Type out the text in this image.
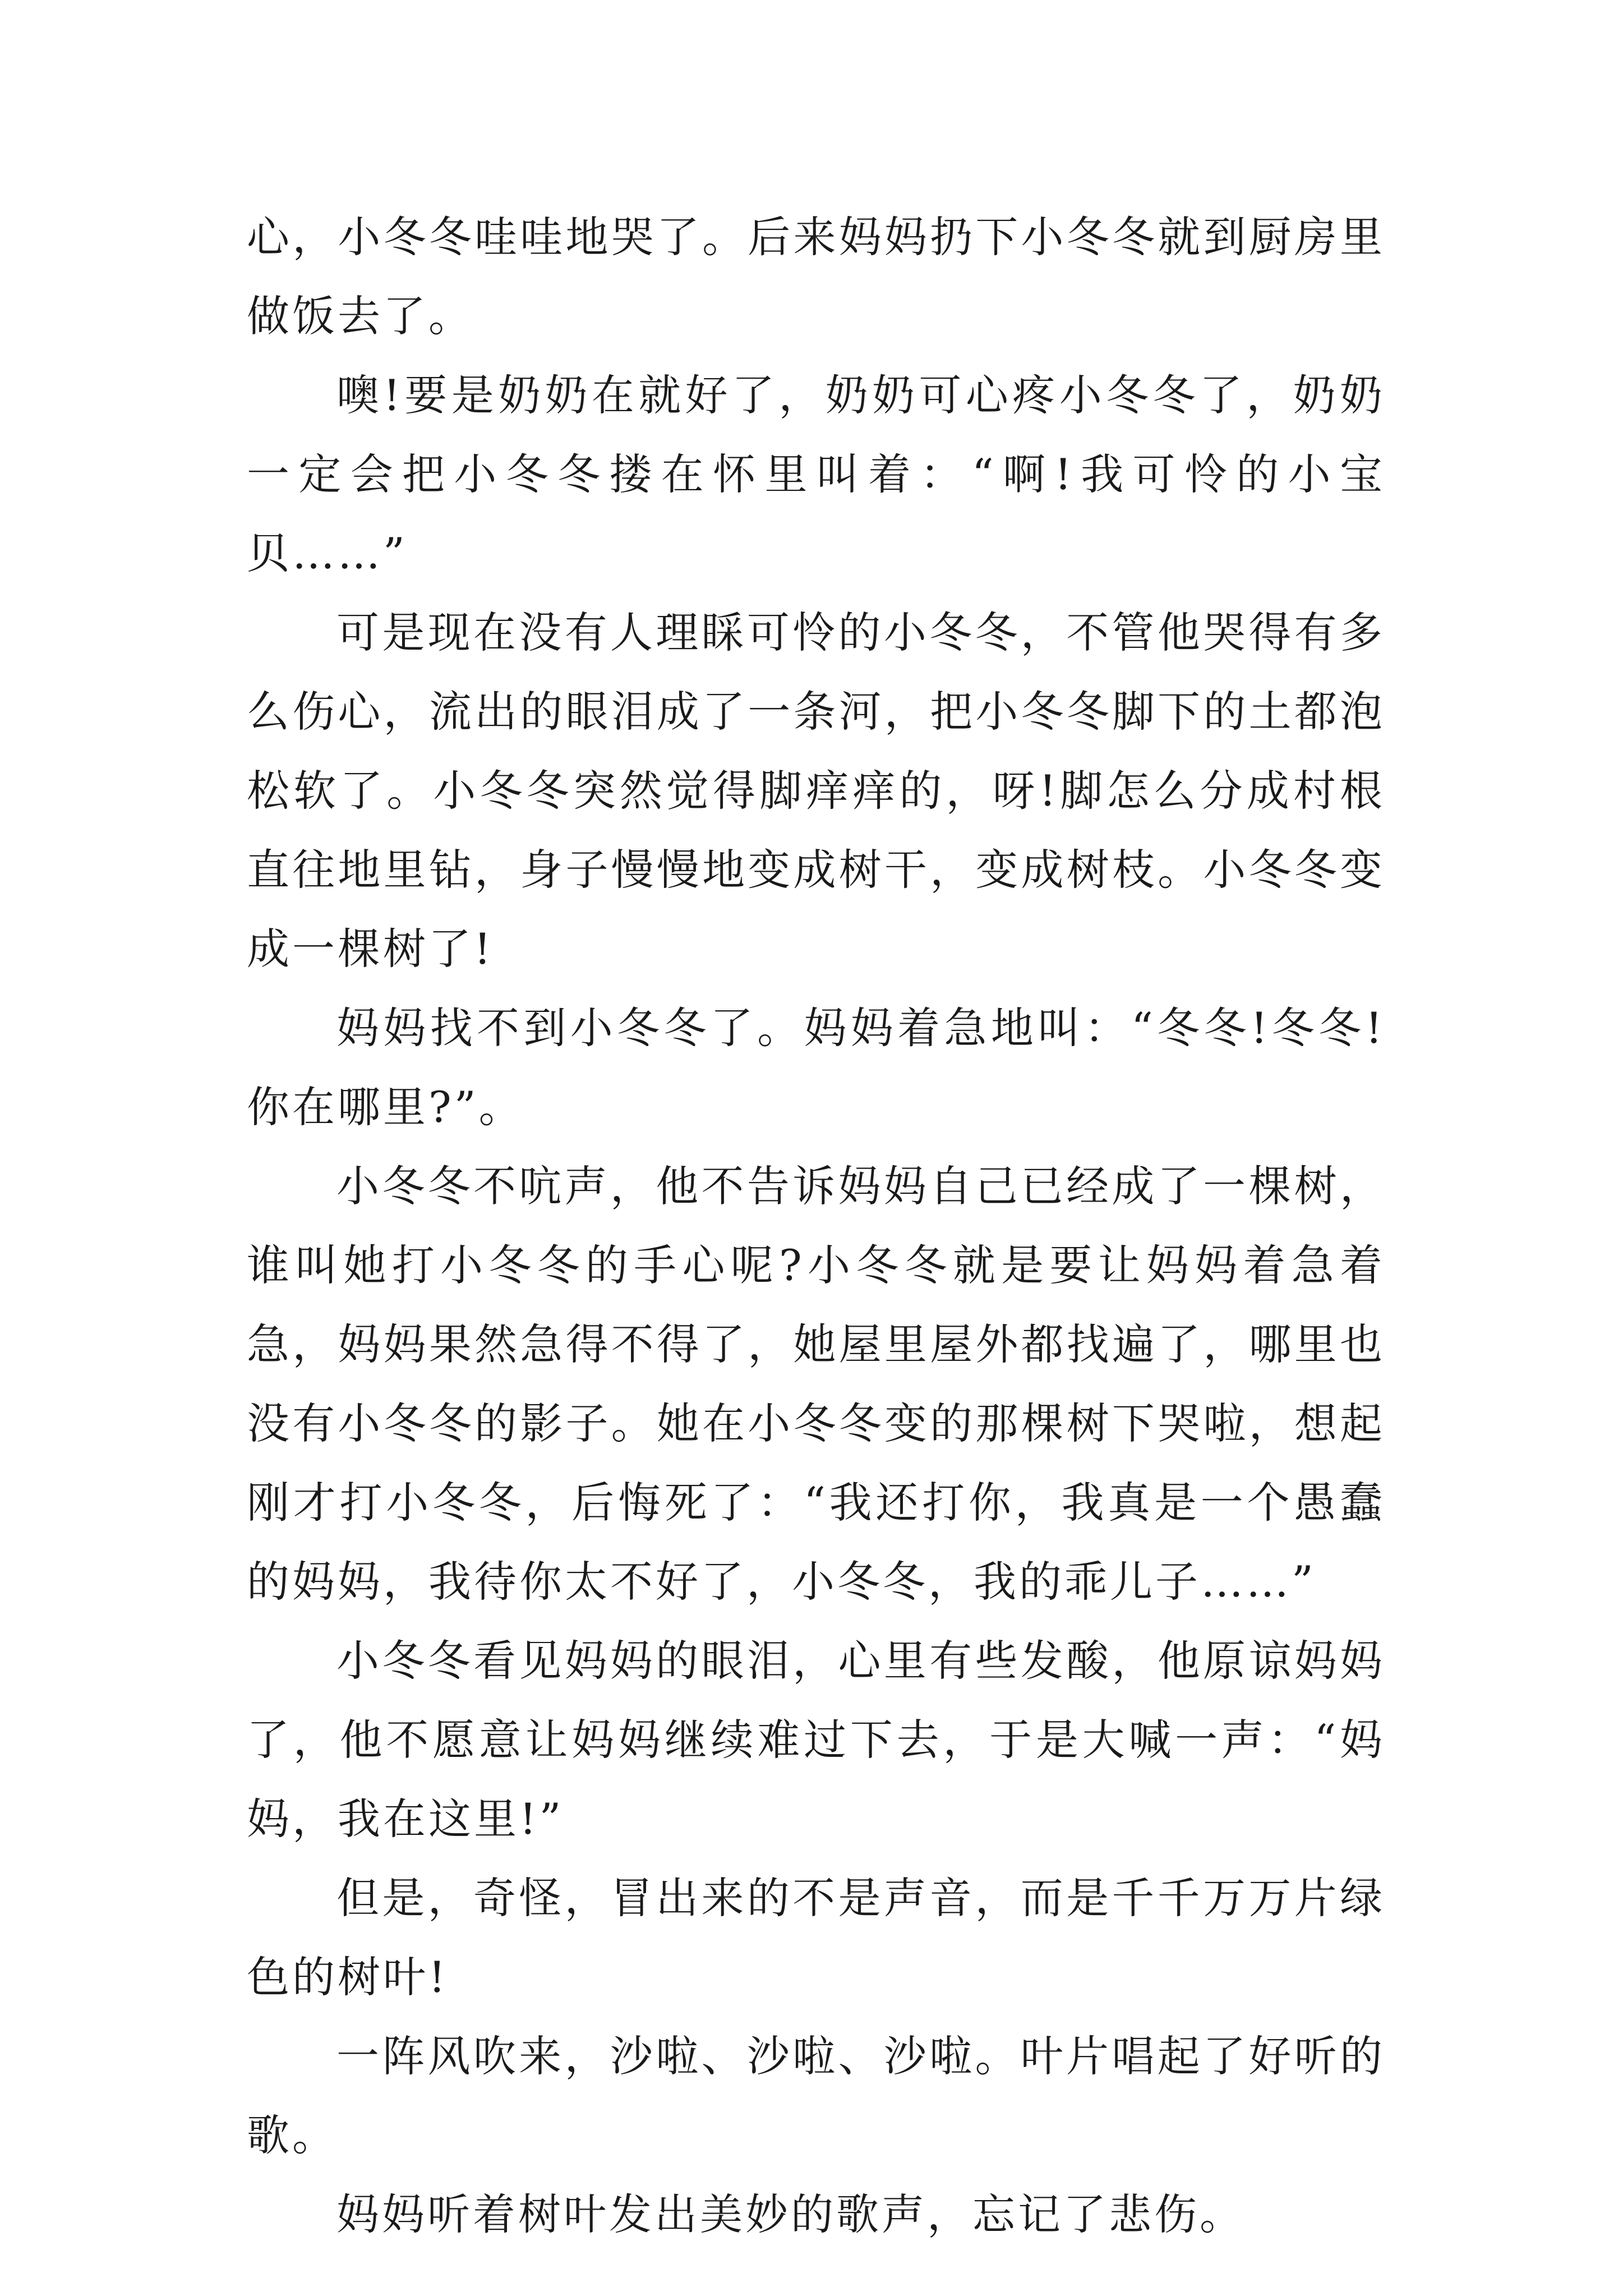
心，小冬冬哇哇地哭了。后来妈妈扔下小冬冬就到厨房里做饭去了。

噢!要是奶奶在就好了，奶奶可心疼小冬冬了，奶奶一定会把小冬冬搂在怀里叫着：“啊!我可怜的小宝贝……”

可是现在没有人理睬可怜的小冬冬，不管他哭得有多么伤心，流出的眼泪成了一条河，把小冬冬脚下的土都泡松软了。小冬冬突然觉得脚痒痒的，呀!脚怎么分成村根直往地里钻，身子慢慢地变成树干，变成树枝。小冬冬变成一棵树了!

妈妈找不到小冬冬了。妈妈着急地叫：“冬冬!冬冬!你在哪里?”。

小冬冬不吭声，他不告诉妈妈自己已经成了一棵树，谁叫她打小冬冬的手心呢?小冬冬就是要让妈妈着急着急，妈妈果然急得不得了，她屋里屋外都找遍了，哪里也没有小冬冬的影子。她在小冬冬变的那棵树下哭啦，想起刚才打小冬冬，后悔死了：“我还打你，我真是一个愚蠢的妈妈，我待你太不好了，小冬冬，我的乖儿子……”

小冬冬看见妈妈的眼泪，心里有些发酸，他原谅妈妈了，他不愿意让妈妈继续难过下去，于是大喊一声：“妈妈，我在这里!”

但是，奇怪，冒出来的不是声音，而是千千万万片绿色的树叶!

一阵风吹来，沙啦、沙啦、沙啦。叶片唱起了好听的歌。

妈妈听着树叶发出美妙的歌声，忘记了悲伤。
